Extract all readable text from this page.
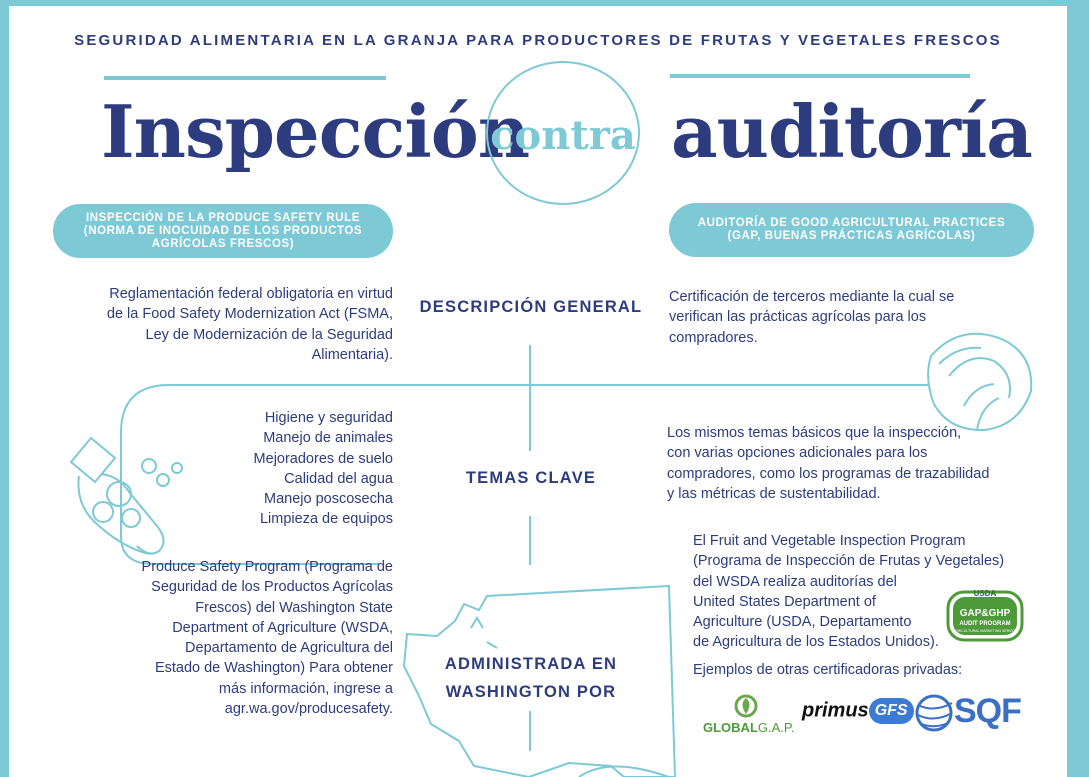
SEGURIDAD ALIMENTARIA EN LA GRANJA PARA PRODUCTORES DE FRUTAS Y VEGETALES FRESCOS
Inspección
contra auditoría
INSPECCIÓN DE LA PRODUCE SAFETY RULE
(NORMA DE INOCUIDAD DE LOS PRODUCTOS
AGRÍCOLAS FRESCOS)
AUDITORÍA DE GOOD AGRICULTURAL PRACTICES
(GAP, BUENAS PRÁCTICAS AGRÍCOLAS)
Reglamentación federal obligatoria en virtud
de la Food Safety Modernization Act (FSMA,
Ley de Modernización de la Seguridad
Alimentaria).
DESCRIPCIÓN GENERAL
Certificación de terceros mediante la cual se
verifican las prácticas agrícolas para los
compradores.
Higiene y seguridad
Manejo de animales
Mejoradores de suelo
Calidad del agua
Manejo poscosecha
Limpieza de equipos
TEMAS CLAVE
Los mismos temas básicos que la inspección,
con varias opciones adicionales para los
compradores, como los programas de trazabilidad
y las métricas de sustentabilidad.
Produce Safety Program (Programa de
Seguridad de los Productos Agrícolas
Frescos) del Washington State
Department of Agriculture (WSDA,
Departamento de Agricultura del
Estado de Washington) Para obtener
más información, ingrese a
agr.wa.gov/producesafety.
ADMINISTRADA EN
WASHINGTON POR
El Fruit and Vegetable Inspection Program
(Programa de Inspección de Frutas y Vegetales)
del WSDA realiza auditorías del
United States Department of
Agriculture (USDA, Departamento
de Agricultura de los Estados Unidos).
Ejemplos de otras certificadoras privadas:
USDA
GAP&GHP
AUDIT PROGRAM
AGRICULTURAL MARKETING SERVICE
GLOBALG.A.P.
primus GFS SQF
